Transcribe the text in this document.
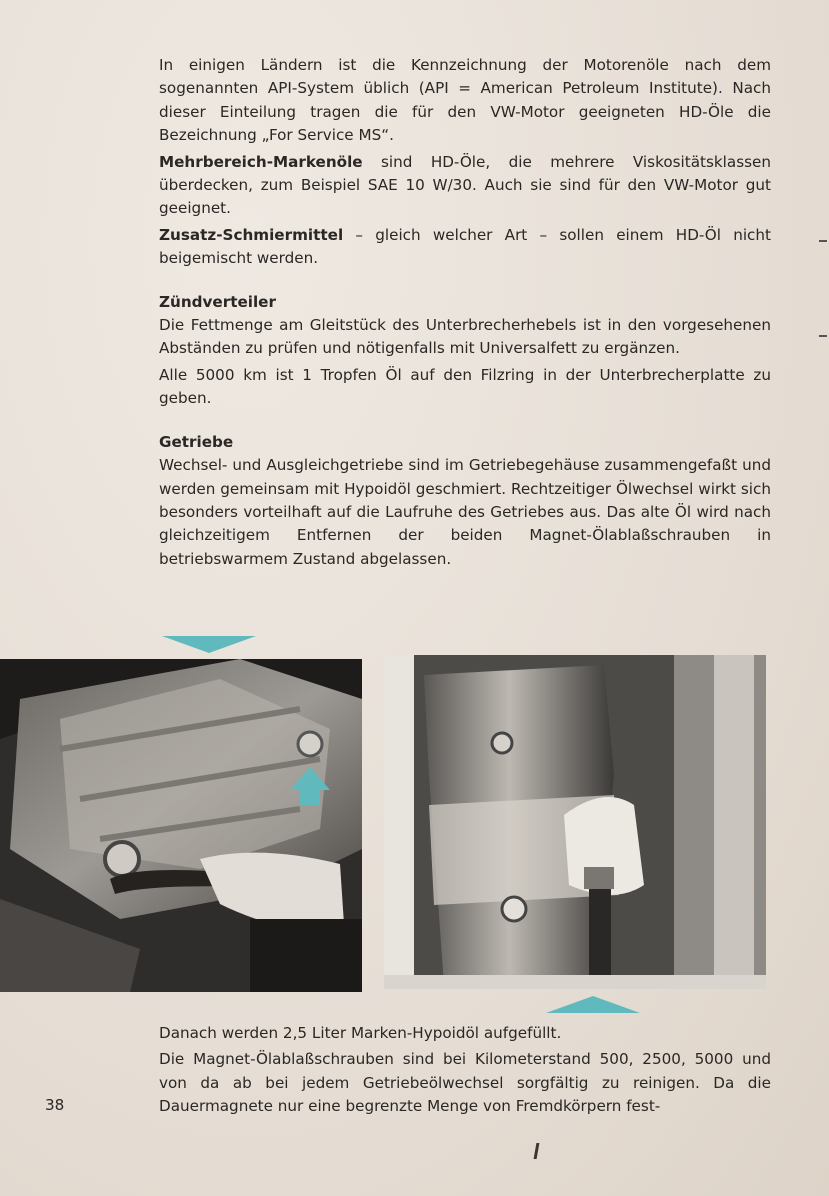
In einigen Ländern ist die Kennzeichnung der Motorenöle nach dem sogenannten API-System üblich (API = American Petroleum Institute). Nach dieser Einteilung tragen die für den VW-Motor geeigneten HD-Öle die Bezeichnung „For Service MS“.

Mehrbereich-Markenöle sind HD-Öle, die mehrere Viskositätsklassen überdecken, zum Beispiel SAE 10 W/30. Auch sie sind für den VW-Motor gut geeignet.

Zusatz-Schmiermittel – gleich welcher Art – sollen einem HD-Öl nicht beigemischt werden.

Zündverteiler

Die Fettmenge am Gleitstück des Unterbrecherhebels ist in den vorgesehenen Abständen zu prüfen und nötigenfalls mit Universalfett zu ergänzen.

Alle 5000 km ist 1 Tropfen Öl auf den Filzring in der Unterbrecherplatte zu geben.

Getriebe

Wechsel- und Ausgleichgetriebe sind im Getriebegehäuse zusammengefaßt und werden gemeinsam mit Hypoidöl geschmiert. Rechtzeitiger Ölwechsel wirkt sich besonders vorteilhaft auf die Laufruhe des Getriebes aus. Das alte Öl wird nach gleichzeitigem Entfernen der beiden Magnet-Ölablaßschrauben in betriebswarmem Zustand abgelassen.

Danach werden 2,5 Liter Marken-Hypoidöl aufgefüllt.

Die Magnet-Ölablaßschrauben sind bei Kilometerstand 500, 2500, 5000 und von da ab bei jedem Getriebeölwechsel sorgfältig zu reinigen. Da die Dauermagnete nur eine begrenzte Menge von Fremdkörpern fest-

38
